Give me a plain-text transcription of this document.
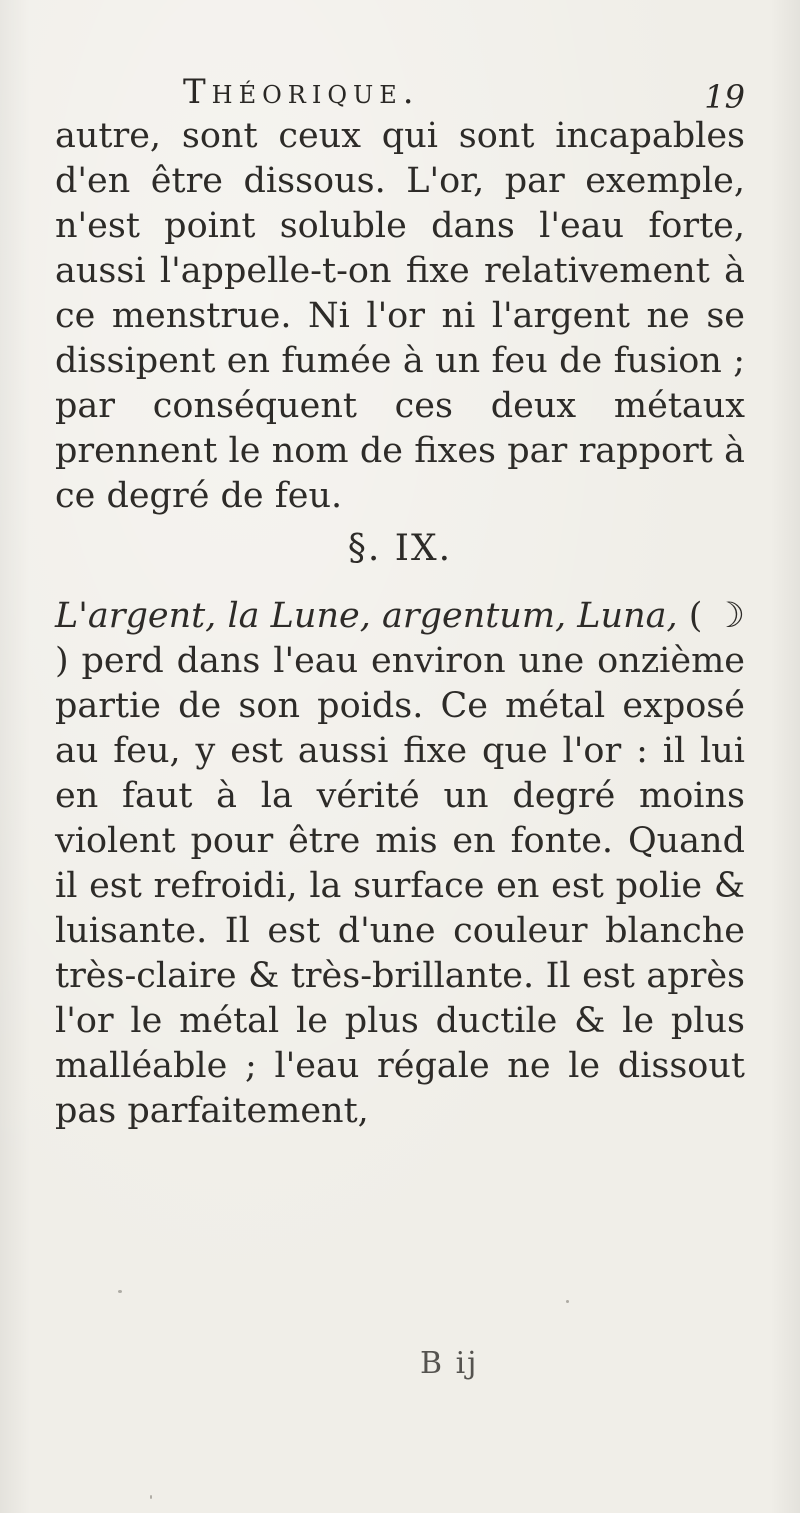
Théorique.	19
autre, sont ceux qui sont incapables d'en être dissous. L'or, par exemple, n'est point soluble dans l'eau forte, aussi l'appelle-t-on fixe relativement à ce menstrue. Ni l'or ni l'argent ne se dissipent en fumée à un feu de fusion ; par conséquent ces deux métaux prennent le nom de fixes par rapport à ce degré de feu.
§. IX.
L'argent, la Lune, argentum, Luna, ( ☽ ) perd dans l'eau environ une onzième partie de son poids. Ce métal exposé au feu, y est aussi fixe que l'or : il lui en faut à la vérité un degré moins violent pour être mis en fonte. Quand il est refroidi, la surface en est polie & luisante. Il est d'une couleur blanche très-claire & très-brillante. Il est après l'or le métal le plus ductile & le plus malléable ; l'eau régale ne le dissout pas parfaitement,
B ij
